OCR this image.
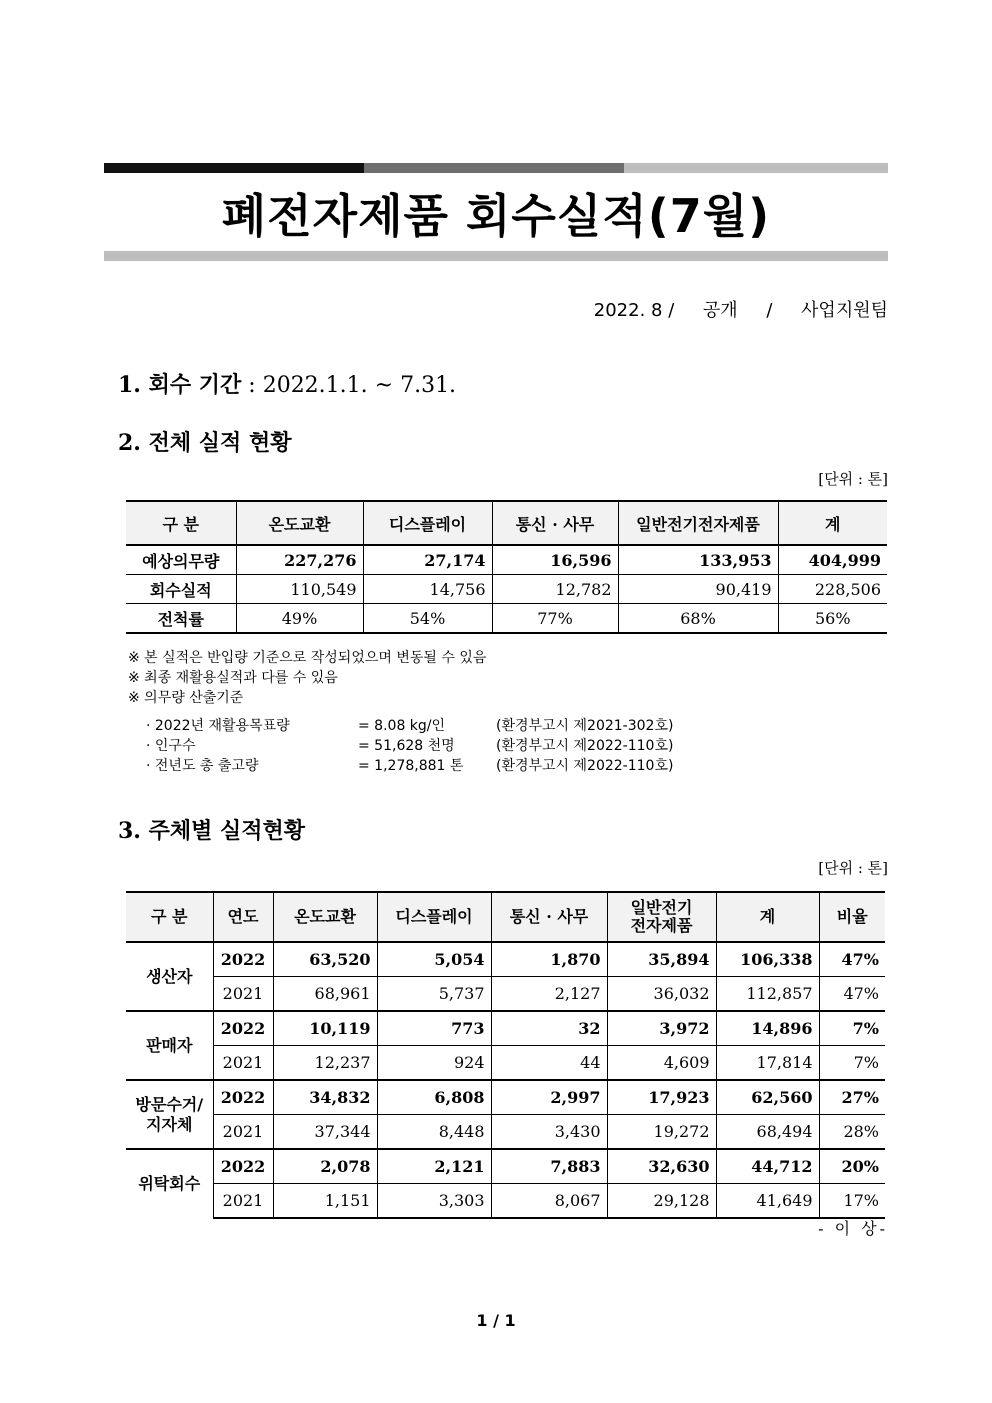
폐전자제품 회수실적(7월)
2022. 8 / 공개 / 사업지원팀
1. 회수 기간 : 2022.1.1. ~ 7.31.
2. 전체 실적 현황
[단위 : 톤]
구 분	온도교환	디스플레이	통신 · 사무	일반전기전자제품	계
예상의무량	227,276	27,174	16,596	133,953	404,999
회수실적	110,549	14,756	12,782	90,419	228,506
전척률	49%	54%	77%	68%	56%
※ 본 실적은 반입량 기준으로 작성되었으며 변동될 수 있음
※ 최종 재활용실적과 다를 수 있음
※ 의무량 산출기준
· 2022년 재활용목표량	= 8.08 kg/인	(환경부고시 제2021-302호)
· 인구수	= 51,628 천명	(환경부고시 제2022-110호)
· 전년도 총 출고량	= 1,278,881 톤	(환경부고시 제2022-110호)
3. 주체별 실적현황
[단위 : 톤]
구 분	연도	온도교환	디스플레이	통신 · 사무	일반전기
전자제품	계	비율
생산자	2022	63,520	5,054	1,870	35,894	106,338	47%
	2021	68,961	5,737	2,127	36,032	112,857	47%
판매자	2022	10,119	773	32	3,972	14,896	7%
	2021	12,237	924	44	4,609	17,814	7%
방문수거/
지자체	2022	34,832	6,808	2,997	17,923	62,560	27%
	2021	37,344	8,448	3,430	19,272	68,494	28%
위탁회수	2022	2,078	2,121	7,883	32,630	44,712	20%
	2021	1,151	3,303	8,067	29,128	41,649	17%
- 이 상-
1 / 1
